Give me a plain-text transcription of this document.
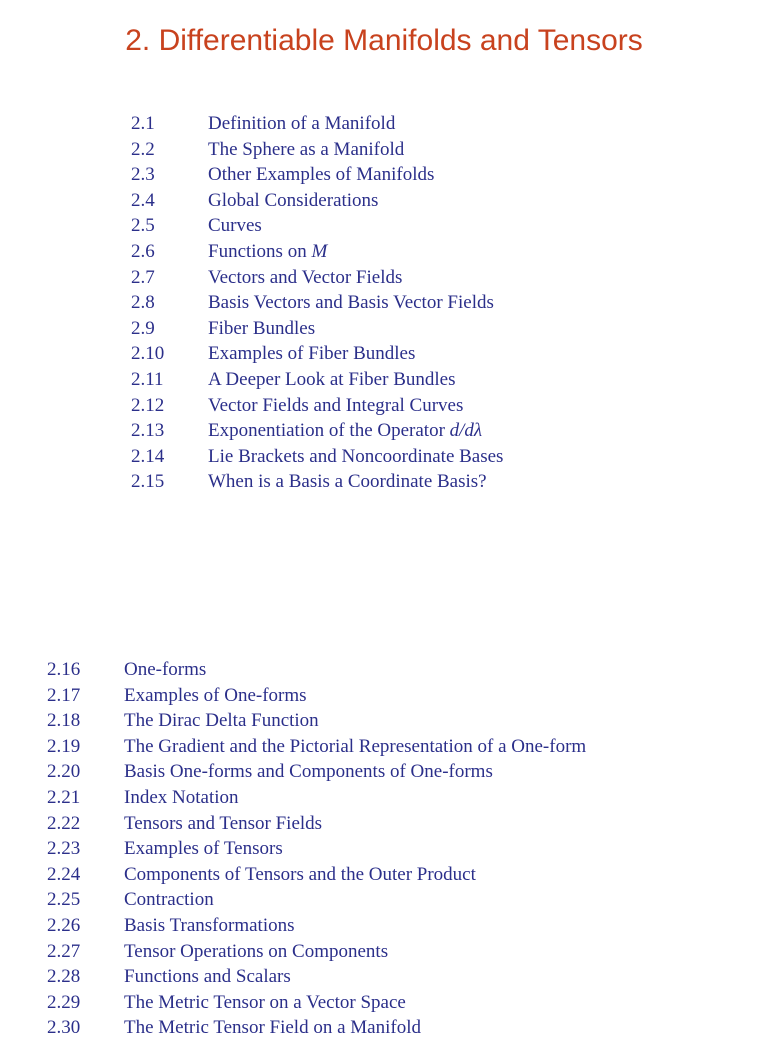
2. Differentiable Manifolds and Tensors
2.1	Definition of a Manifold
2.2	The Sphere as a Manifold
2.3	Other Examples of Manifolds
2.4	Global Considerations
2.5	Curves
2.6	Functions on M
2.7	Vectors and Vector Fields
2.8	Basis Vectors and Basis Vector Fields
2.9	Fiber Bundles
2.10	Examples of Fiber Bundles
2.11	A Deeper Look at Fiber Bundles
2.12	Vector Fields and Integral Curves
2.13	Exponentiation of the Operator d/dλ
2.14	Lie Brackets and Noncoordinate Bases
2.15	When is a Basis a Coordinate Basis?
2.16	One-forms
2.17	Examples of One-forms
2.18	The Dirac Delta Function
2.19	The Gradient and the Pictorial Representation of a One-form
2.20	Basis One-forms and Components of One-forms
2.21	Index Notation
2.22	Tensors and Tensor Fields
2.23	Examples of Tensors
2.24	Components of Tensors and the Outer Product
2.25	Contraction
2.26	Basis Transformations
2.27	Tensor Operations on Components
2.28	Functions and Scalars
2.29	The Metric Tensor on a Vector Space
2.30	The Metric Tensor Field on a Manifold
